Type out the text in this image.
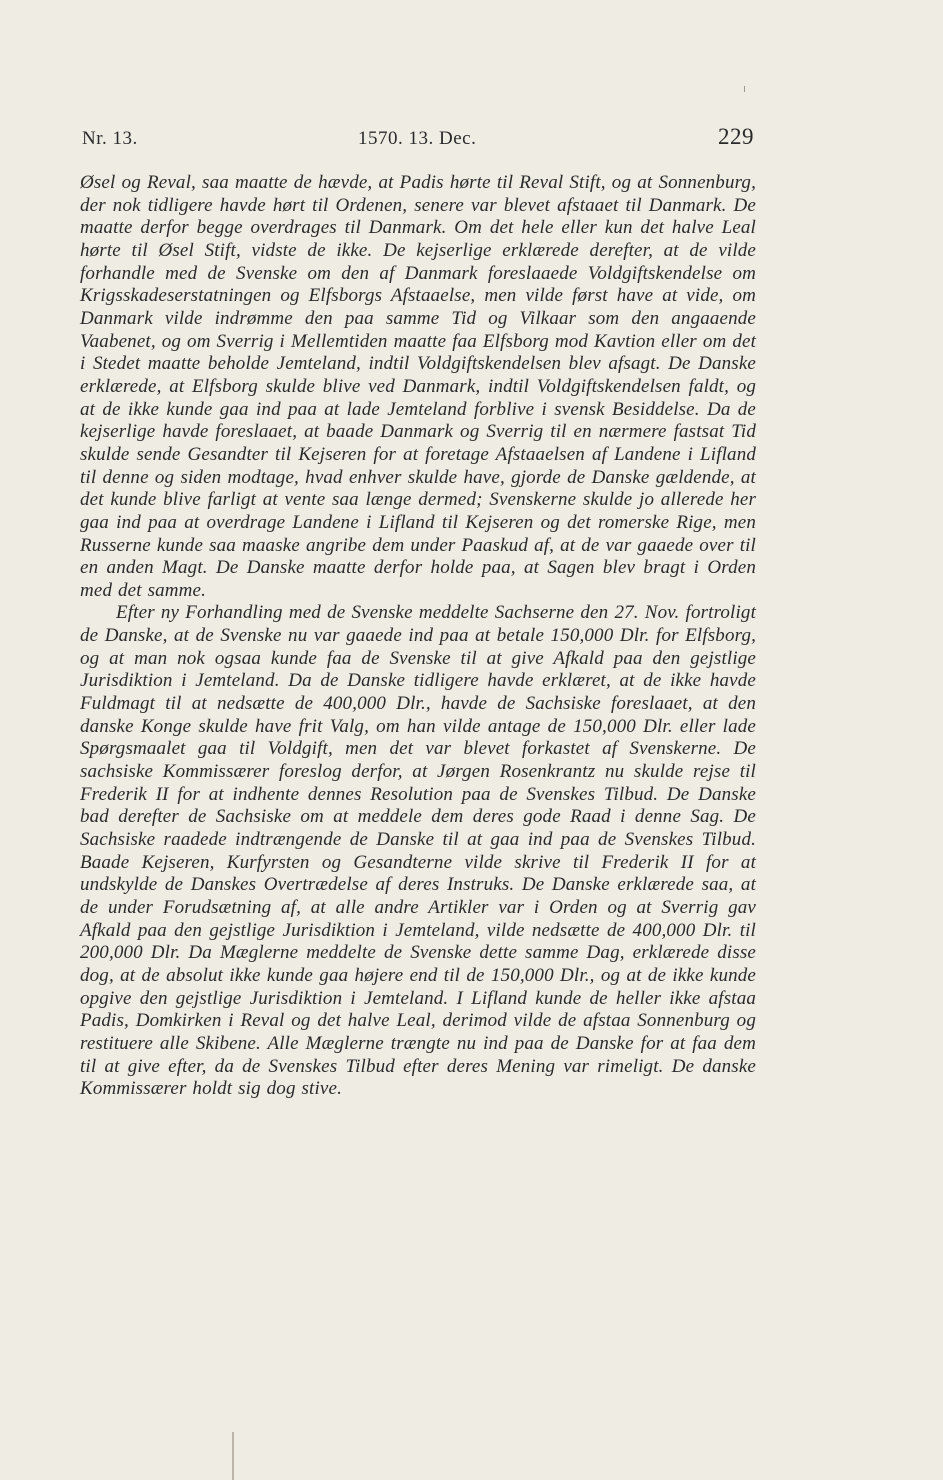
Nr. 13.	1570. 13. Dec.	229

Øsel og Reval, saa maatte de hævde, at Padis hørte til Reval Stift, og at Sonnenburg, der nok tidligere havde hørt til Ordenen, senere var blevet afstaaet til Danmark. De maatte derfor begge overdrages til Danmark. Om det hele eller kun det halve Leal hørte til Øsel Stift, vidste de ikke. De kejserlige erklærede derefter, at de vilde forhandle med de Svenske om den af Danmark foreslaaede Voldgiftskendelse om Krigsskadeserstatningen og Elfsborgs Afstaaelse, men vilde først have at vide, om Danmark vilde indrømme den paa samme Tid og Vilkaar som den angaaende Vaabenet, og om Sverrig i Mellemtiden maatte faa Elfsborg mod Kavtion eller om det i Stedet maatte beholde Jemteland, indtil Voldgiftskendelsen blev afsagt. De Danske erklærede, at Elfsborg skulde blive ved Danmark, indtil Voldgiftskendelsen faldt, og at de ikke kunde gaa ind paa at lade Jemteland forblive i svensk Besiddelse. Da de kejserlige havde foreslaaet, at baade Danmark og Sverrig til en nærmere fastsat Tid skulde sende Gesandter til Kejseren for at foretage Afstaaelsen af Landene i Lifland til denne og siden modtage, hvad enhver skulde have, gjorde de Danske gældende, at det kunde blive farligt at vente saa længe dermed; Svenskerne skulde jo allerede her gaa ind paa at overdrage Landene i Lifland til Kejseren og det romerske Rige, men Russerne kunde saa maaske angribe dem under Paaskud af, at de var gaaede over til en anden Magt. De Danske maatte derfor holde paa, at Sagen blev bragt i Orden med det samme.

Efter ny Forhandling med de Svenske meddelte Sachserne den 27. Nov. fortroligt de Danske, at de Svenske nu var gaaede ind paa at betale 150,000 Dlr. for Elfsborg, og at man nok ogsaa kunde faa de Svenske til at give Afkald paa den gejstlige Jurisdiktion i Jemteland. Da de Danske tidligere havde erklæret, at de ikke havde Fuldmagt til at nedsætte de 400,000 Dlr., havde de Sachsiske foreslaaet, at den danske Konge skulde have frit Valg, om han vilde antage de 150,000 Dlr. eller lade Spørgsmaalet gaa til Voldgift, men det var blevet forkastet af Svenskerne. De sachsiske Kommissærer foreslog derfor, at Jørgen Rosenkrantz nu skulde rejse til Frederik II for at indhente dennes Resolution paa de Svenskes Tilbud. De Danske bad derefter de Sachsiske om at meddele dem deres gode Raad i denne Sag. De Sachsiske raadede indtrængende de Danske til at gaa ind paa de Svenskes Tilbud. Baade Kejseren, Kurfyrsten og Gesandterne vilde skrive til Frederik II for at undskylde de Danskes Overtrædelse af deres Instruks. De Danske erklærede saa, at de under Forudsætning af, at alle andre Artikler var i Orden og at Sverrig gav Afkald paa den gejstlige Jurisdiktion i Jemteland, vilde nedsætte de 400,000 Dlr. til 200,000 Dlr. Da Mæglerne meddelte de Svenske dette samme Dag, erklærede disse dog, at de absolut ikke kunde gaa højere end til de 150,000 Dlr., og at de ikke kunde opgive den gejstlige Jurisdiktion i Jemteland. I Lifland kunde de heller ikke afstaa Padis, Domkirken i Reval og det halve Leal, derimod vilde de afstaa Sonnenburg og restituere alle Skibene. Alle Mæglerne trængte nu ind paa de Danske for at faa dem til at give efter, da de Svenskes Tilbud efter deres Mening var rimeligt. De danske Kommissærer holdt sig dog stive.
